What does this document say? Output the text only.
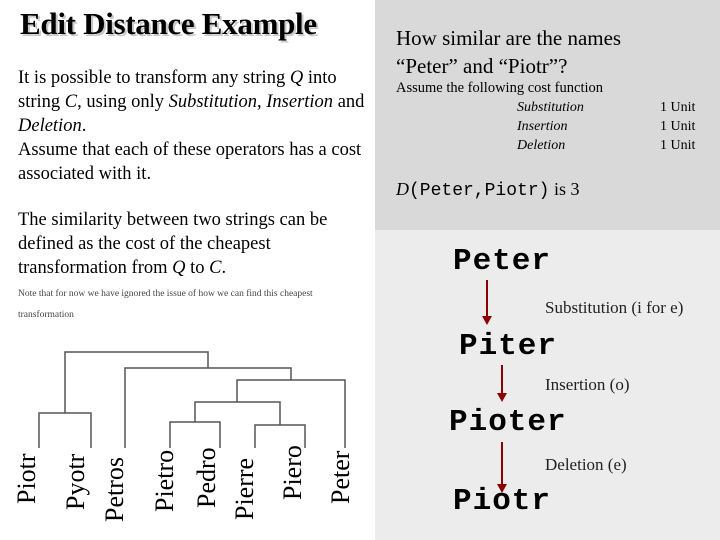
Edit Distance Example
It is possible to transform any string Q into string C, using only Substitution, Insertion and Deletion.
Assume that each of these operators has a cost associated with it.
The similarity between two strings can be defined as the cost of the cheapest transformation from Q to C.
Note that for now we have ignored the issue of how we can find this cheapest transformation
How similar are the names “Peter” and “Piotr”?
Assume the following cost function
Substitution
Insertion
Deletion
1 Unit
1 Unit
1 Unit
D(Peter,Piotr) is 3
Peter
Substitution (i for e)
Piter
Insertion (o)
Pioter
Deletion (e)
Piotr
Piotr Pyotr Petros Pietro Pedro Pierre Piero Peter
